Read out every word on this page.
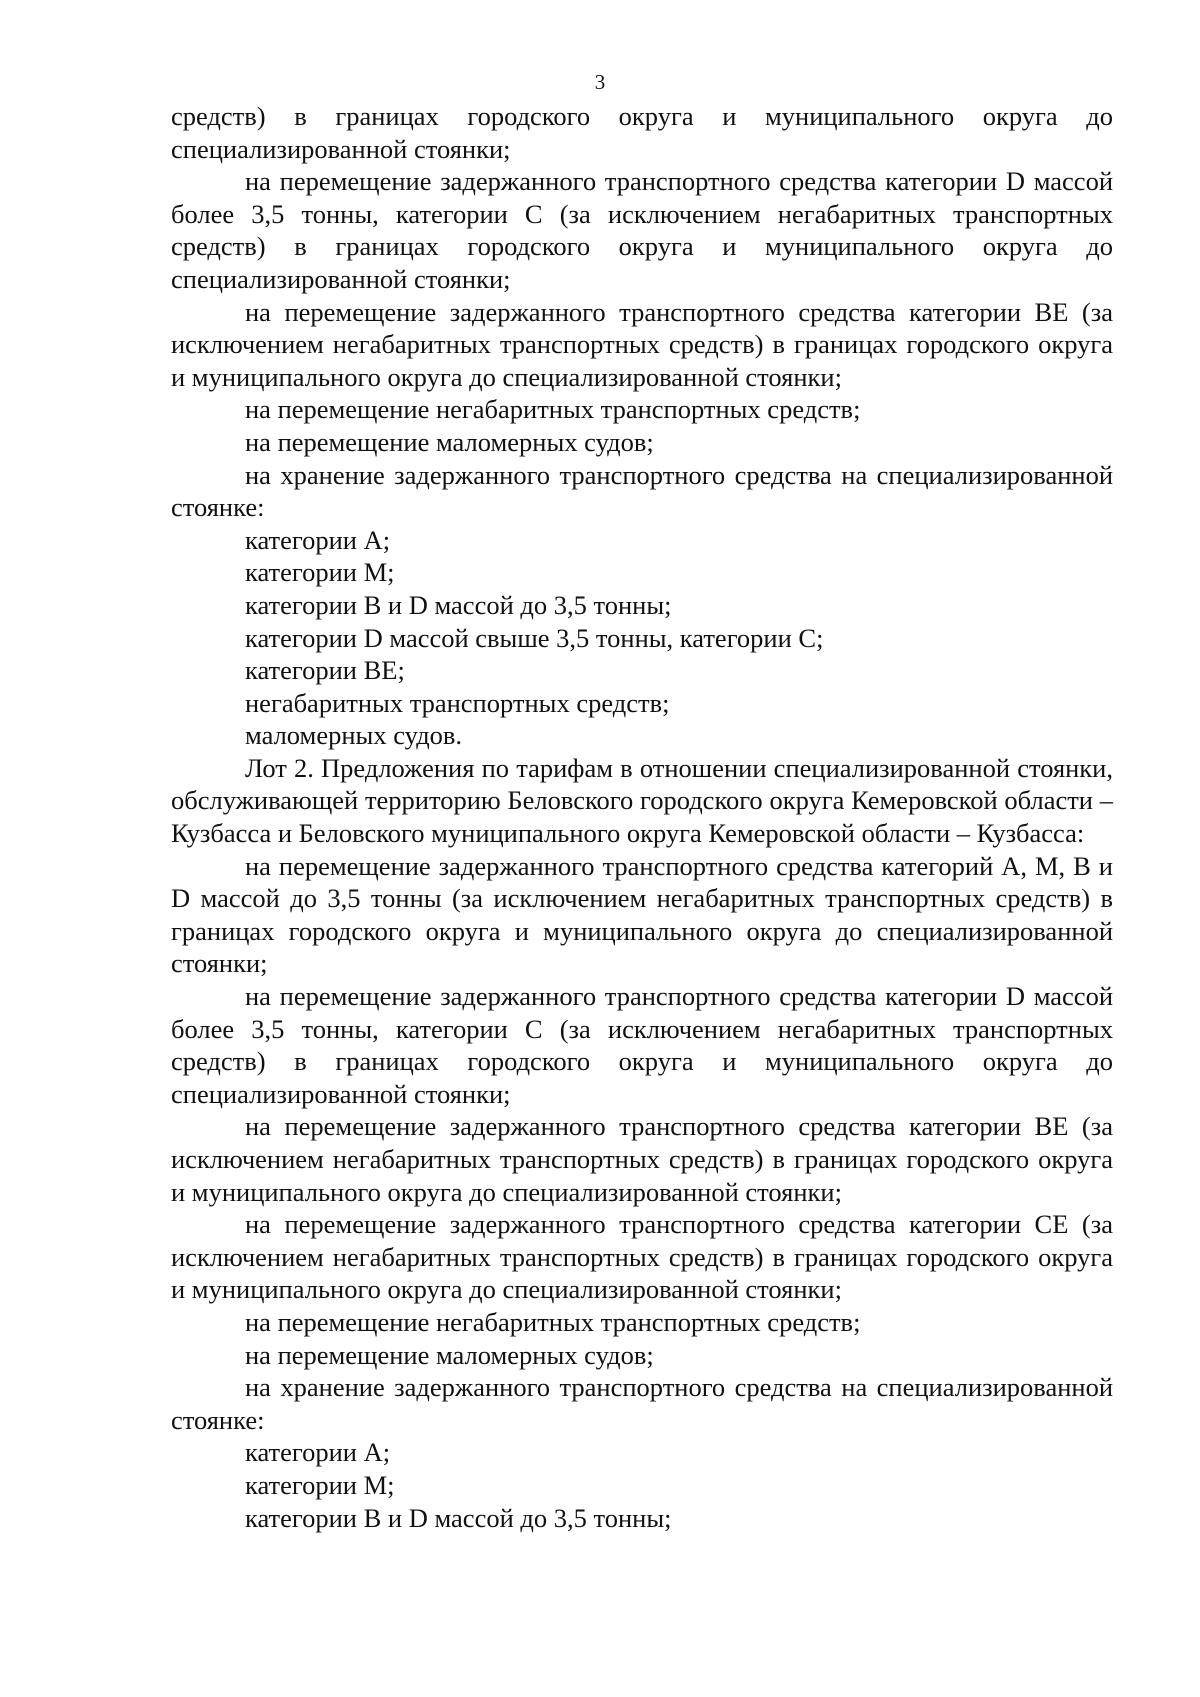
3

средств) в границах городского округа и муниципального округа до специализированной стоянки;

на перемещение задержанного транспортного средства категории D массой более 3,5 тонны, категории C (за исключением негабаритных транспортных средств) в границах городского округа и муниципального округа до специализированной стоянки;

на перемещение задержанного транспортного средства категории BE (за исключением негабаритных транспортных средств) в границах городского округа и муниципального округа до специализированной стоянки;

на перемещение негабаритных транспортных средств;

на перемещение маломерных судов;

на хранение задержанного транспортного средства на специализированной стоянке:

категории A;

категории M;

категории B и D массой до 3,5 тонны;

категории D массой свыше 3,5 тонны, категории C;

категории BE;

негабаритных транспортных средств;

маломерных судов.

Лот 2. Предложения по тарифам в отношении специализированной стоянки, обслуживающей территорию Беловского городского округа Кемеровской области – Кузбасса и Беловского муниципального округа Кемеровской области – Кузбасса:

на перемещение задержанного транспортного средства категорий A, M, B и D массой до 3,5 тонны (за исключением негабаритных транспортных средств) в границах городского округа и муниципального округа до специализированной стоянки;

на перемещение задержанного транспортного средства категории D массой более 3,5 тонны, категории C (за исключением негабаритных транспортных средств) в границах городского округа и муниципального округа до специализированной стоянки;

на перемещение задержанного транспортного средства категории BE (за исключением негабаритных транспортных средств) в границах городского округа и муниципального округа до специализированной стоянки;

на перемещение задержанного транспортного средства категории CE (за исключением негабаритных транспортных средств) в границах городского округа и муниципального округа до специализированной стоянки;

на перемещение негабаритных транспортных средств;

на перемещение маломерных судов;

на хранение задержанного транспортного средства на специализированной стоянке:

категории A;

категории M;

категории B и D массой до 3,5 тонны;
